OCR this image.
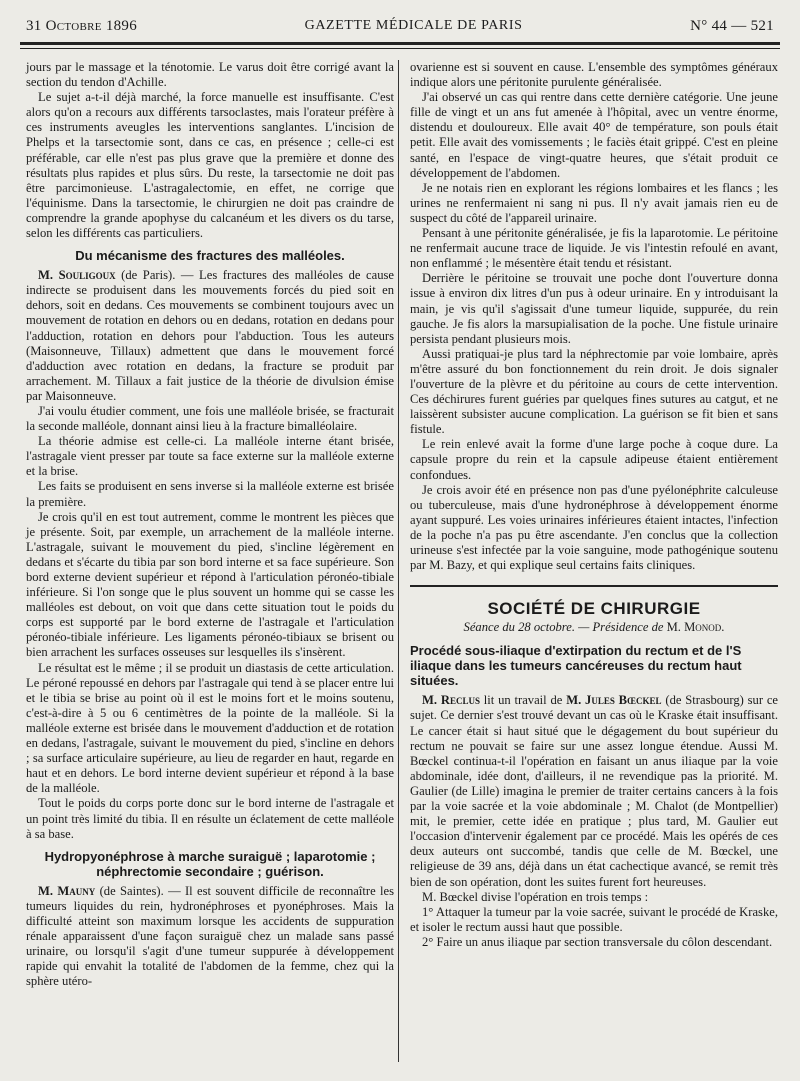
31 Octobre 1896	GAZETTE MÉDICALE DE PARIS	N° 44 — 521

jours par le massage et la ténotomie. Le varus doit être corrigé avant la section du tendon d'Achille.

Le sujet a-t-il déjà marché, la force manuelle est insuffisante. C'est alors qu'on a recours aux différents tarsoclastes, mais l'orateur préfère à ces instruments aveugles les interventions sanglantes. L'incision de Phelps et la tarsectomie sont, dans ce cas, en présence ; celle-ci est préférable, car elle n'est pas plus grave que la première et donne des résultats plus rapides et plus sûrs. Du reste, la tarsectomie ne doit pas être parcimonieuse. L'astragalectomie, en effet, ne corrige que l'équinisme. Dans la tarsectomie, le chirurgien ne doit pas craindre de comprendre la grande apophyse du calcanéum et les divers os du tarse, selon les différents cas particuliers.

Du mécanisme des fractures des malléoles.

M. Souligoux (de Paris). — Les fractures des malléoles de cause indirecte se produisent dans les mouvements forcés du pied soit en dehors, soit en dedans. Ces mouvements se combinent toujours avec un mouvement de rotation en dehors ou en dedans, rotation en dedans pour l'adduction, rotation en dehors pour l'abduction. Tous les auteurs (Maisonneuve, Tillaux) admettent que dans le mouvement forcé d'adduction avec rotation en dedans, la fracture se produit par arrachement. M. Tillaux a fait justice de la théorie de divulsion émise par Maisonneuve.

J'ai voulu étudier comment, une fois une malléole brisée, se fracturait la seconde malléole, donnant ainsi lieu à la fracture bimalléolaire.

La théorie admise est celle-ci. La malléole interne étant brisée, l'astragale vient presser par toute sa face externe sur la malléole externe et la brise.

Les faits se produisent en sens inverse si la malléole externe est brisée la première.

Je crois qu'il en est tout autrement, comme le montrent les pièces que je présente. Soit, par exemple, un arrachement de la malléole interne. L'astragale, suivant le mouvement du pied, s'incline légèrement en dedans et s'écarte du tibia par son bord interne et sa face supérieure. Son bord externe devient supérieur et répond à l'articulation péronéo-tibiale inférieure. Si l'on songe que le plus souvent un homme qui se casse les malléoles est debout, on voit que dans cette situation tout le poids du corps est supporté par le bord externe de l'astragale et l'articulation péronéo-tibiale inférieure. Les ligaments péronéo-tibiaux se brisent ou bien arrachent les surfaces osseuses sur lesquelles ils s'insèrent.

Le résultat est le même ; il se produit un diastasis de cette articulation. Le péroné repoussé en dehors par l'astragale qui tend à se placer entre lui et le tibia se brise au point où il est le moins fort et le moins soutenu, c'est-à-dire à 5 ou 6 centimètres de la pointe de la malléole. Si la malléole externe est brisée dans le mouvement d'adduction et de rotation en dedans, l'astragale, suivant le mouvement du pied, s'incline en dehors ; sa surface articulaire supérieure, au lieu de regarder en haut, regarde en haut et en dehors. Le bord interne devient supérieur et répond à la base de la malléole.

Tout le poids du corps porte donc sur le bord interne de l'astragale et un point très limité du tibia. Il en résulte un éclatement de cette malléole à sa base.

Hydropyonéphrose à marche suraiguë ; laparotomie ; néphrectomie secondaire ; guérison.

M. Mauny (de Saintes). — Il est souvent difficile de reconnaître les tumeurs liquides du rein, hydronéphroses et pyonéphroses. Mais la difficulté atteint son maximum lorsque les accidents de suppuration rénale apparaissent d'une façon suraiguë chez un malade sans passé urinaire, ou lorsqu'il s'agit d'une tumeur suppurée à développement rapide qui envahit la totalité de l'abdomen de la femme, chez qui la sphère utéro-

ovarienne est si souvent en cause. L'ensemble des symptômes généraux indique alors une péritonite purulente généralisée.

J'ai observé un cas qui rentre dans cette dernière catégorie. Une jeune fille de vingt et un ans fut amenée à l'hôpital, avec un ventre énorme, distendu et douloureux. Elle avait 40° de température, son pouls était petit. Elle avait des vomissements ; le faciès était grippé. C'est en pleine santé, en l'espace de vingt-quatre heures, que s'était produit ce développement de l'abdomen.

Je ne notais rien en explorant les régions lombaires et les flancs ; les urines ne renfermaient ni sang ni pus. Il n'y avait jamais rien eu de suspect du côté de l'appareil urinaire.

Pensant à une péritonite généralisée, je fis la laparotomie. Le péritoine ne renfermait aucune trace de liquide. Je vis l'intestin refoulé en avant, non enflammé ; le mésentère était tendu et résistant.

Derrière le péritoine se trouvait une poche dont l'ouverture donna issue à environ dix litres d'un pus à odeur urinaire. En y introduisant la main, je vis qu'il s'agissait d'une tumeur liquide, suppurée, du rein gauche. Je fis alors la marsupialisation de la poche. Une fistule urinaire persista pendant plusieurs mois.

Aussi pratiquai-je plus tard la néphrectomie par voie lombaire, après m'être assuré du bon fonctionnement du rein droit. Je dois signaler l'ouverture de la plèvre et du péritoine au cours de cette intervention. Ces déchirures furent guéries par quelques fines sutures au catgut, et ne laissèrent subsister aucune complication. La guérison se fit bien et sans fistule.

Le rein enlevé avait la forme d'une large poche à coque dure. La capsule propre du rein et la capsule adipeuse étaient entièrement confondues.

Je crois avoir été en présence non pas d'une pyélonéphrite calculeuse ou tuberculeuse, mais d'une hydronéphrose à développement énorme ayant suppuré. Les voies urinaires inférieures étaient intactes, l'infection de la poche n'a pas pu être ascendante. J'en conclus que la collection urineuse s'est infectée par la voie sanguine, mode pathogénique soutenu par M. Bazy, et qui explique seul certains faits cliniques.

SOCIÉTÉ DE CHIRURGIE
Séance du 28 octobre. — Présidence de M. Monod.
Procédé sous-iliaque d'extirpation du rectum et de l'S iliaque dans les tumeurs cancéreuses du rectum haut situées.

M. Reclus lit un travail de M. Jules Bœckel (de Strasbourg) sur ce sujet. Ce dernier s'est trouvé devant un cas où le Kraske était insuffisant. Le cancer était si haut situé que le dégagement du bout supérieur du rectum ne pouvait se faire sur une assez longue étendue. Aussi M. Bœckel continua-t-il l'opération en faisant un anus iliaque par la voie abdominale, idée dont, d'ailleurs, il ne revendique pas la priorité. M. Gaulier (de Lille) imagina le premier de traiter certains cancers à la fois par la voie sacrée et la voie abdominale ; M. Chalot (de Montpellier) mit, le premier, cette idée en pratique ; plus tard, M. Gaulier eut l'occasion d'intervenir également par ce procédé. Mais les opérés de ces deux auteurs ont succombé, tandis que celle de M. Bœckel, une religieuse de 39 ans, déjà dans un état cachectique avancé, se remit très bien de son opération, dont les suites furent fort heureuses.

M. Bœckel divise l'opération en trois temps :

1° Attaquer la tumeur par la voie sacrée, suivant le procédé de Kraske, et isoler le rectum aussi haut que possible.

2° Faire un anus iliaque par section transversale du côlon descendant.
